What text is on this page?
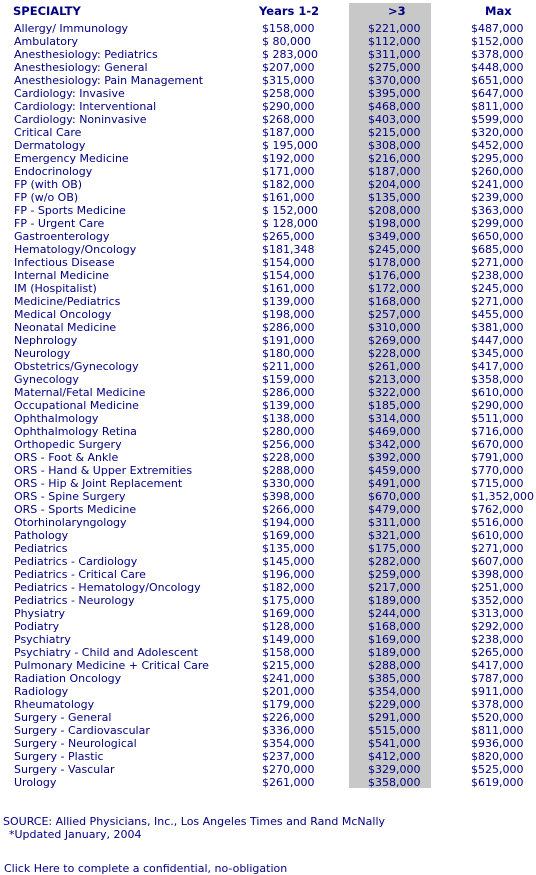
SPECIALTY	Years 1-2	>3	Max
Allergy/ Immunology	$158,000	$221,000	$487,000
Ambulatory	$ 80,000	$112,000	$152,000
Anesthesiology: Pediatrics	$ 283,000	$311,000	$378,000
Anesthesiology: General	$207,000	$275,000	$448,000
Anesthesiology: Pain Management	$315,000	$370,000	$651,000
Cardiology: Invasive	$258,000	$395,000	$647,000
Cardiology: Interventional	$290,000	$468,000	$811,000
Cardiology: Noninvasive	$268,000	$403,000	$599,000
Critical Care	$187,000	$215,000	$320,000
Dermatology	$ 195,000	$308,000	$452,000
Emergency Medicine	$192,000	$216,000	$295,000
Endocrinology	$171,000	$187,000	$260,000
FP (with OB)	$182,000	$204,000	$241,000
FP (w/o OB)	$161,000	$135,000	$239,000
FP - Sports Medicine	$ 152,000	$208,000	$363,000
FP - Urgent Care	$ 128,000	$198,000	$299,000
Gastroenterology	$265,000	$349,000	$650,000
Hematology/Oncology	$181,348	$245,000	$685,000
Infectious Disease	$154,000	$178,000	$271,000
Internal Medicine	$154,000	$176,000	$238,000
IM (Hospitalist)	$161,000	$172,000	$245,000
Medicine/Pediatrics	$139,000	$168,000	$271,000
Medical Oncology	$198,000	$257,000	$455,000
Neonatal Medicine	$286,000	$310,000	$381,000
Nephrology	$191,000	$269,000	$447,000
Neurology	$180,000	$228,000	$345,000
Obstetrics/Gynecology	$211,000	$261,000	$417,000
Gynecology	$159,000	$213,000	$358,000
Maternal/Fetal Medicine	$286,000	$322,000	$610,000
Occupational Medicine	$139,000	$185,000	$290,000
Ophthalmology	$138,000	$314,000	$511,000
Ophthalmology Retina	$280,000	$469,000	$716,000
Orthopedic Surgery	$256,000	$342,000	$670,000
ORS - Foot & Ankle	$228,000	$392,000	$791,000
ORS - Hand & Upper Extremities	$288,000	$459,000	$770,000
ORS - Hip & Joint Replacement	$330,000	$491,000	$715,000
ORS - Spine Surgery	$398,000	$670,000	$1,352,000
ORS - Sports Medicine	$266,000	$479,000	$762,000
Otorhinolaryngology	$194,000	$311,000	$516,000
Pathology	$169,000	$321,000	$610,000
Pediatrics	$135,000	$175,000	$271,000
Pediatrics - Cardiology	$145,000	$282,000	$607,000
Pediatrics - Critical Care	$196,000	$259,000	$398,000
Pediatrics - Hematology/Oncology	$182,000	$217,000	$251,000
Pediatrics - Neurology	$175,000	$189,000	$352,000
Physiatry	$169,000	$244,000	$313,000
Podiatry	$128,000	$168,000	$292,000
Psychiatry	$149,000	$169,000	$238,000
Psychiatry - Child and Adolescent	$158,000	$189,000	$265,000
Pulmonary Medicine + Critical Care	$215,000	$288,000	$417,000
Radiation Oncology	$241,000	$385,000	$787,000
Radiology	$201,000	$354,000	$911,000
Rheumatology	$179,000	$229,000	$378,000
Surgery - General	$226,000	$291,000	$520,000
Surgery - Cardiovascular	$336,000	$515,000	$811,000
Surgery - Neurological	$354,000	$541,000	$936,000
Surgery - Plastic	$237,000	$412,000	$820,000
Surgery - Vascular	$270,000	$329,000	$525,000
Urology	$261,000	$358,000	$619,000
SOURCE: Allied Physicians, Inc., Los Angeles Times and Rand McNally
*Updated January, 2004
Click Here to complete a confidential, no-obligation
